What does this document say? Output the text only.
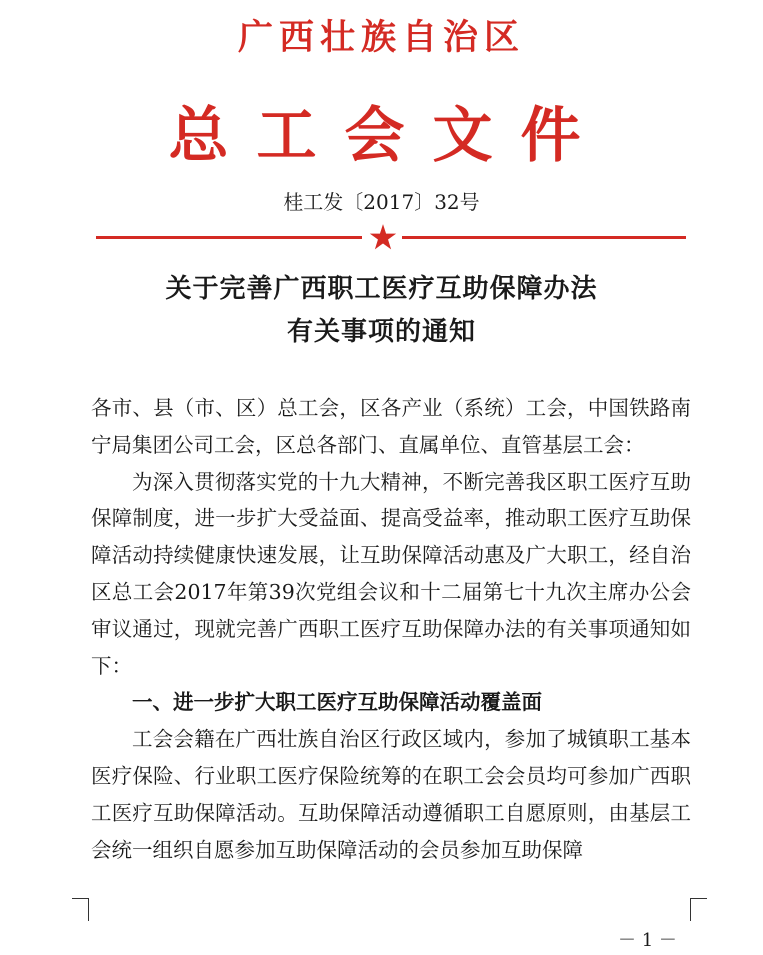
广西壮族自治区
总工会文件
桂工发〔2017〕32号
关于完善广西职工医疗互助保障办法
有关事项的通知

各市、县（市、区）总工会，区各产业（系统）工会，中国铁路南宁局集团公司工会，区总各部门、直属单位、直管基层工会：

为深入贯彻落实党的十九大精神，不断完善我区职工医疗互助保障制度，进一步扩大受益面、提高受益率，推动职工医疗互助保障活动持续健康快速发展，让互助保障活动惠及广大职工，经自治区总工会2017年第39次党组会议和十二届第七十九次主席办公会审议通过，现就完善广西职工医疗互助保障办法的有关事项通知如下：

一、进一步扩大职工医疗互助保障活动覆盖面

工会会籍在广西壮族自治区行政区域内，参加了城镇职工基本医疗保险、行业职工医疗保险统筹的在职工会会员均可参加广西职工医疗互助保障活动。互助保障活动遵循职工自愿原则，由基层工会统一组织自愿参加互助保障活动的会员参加互助保障

－ 1 －
